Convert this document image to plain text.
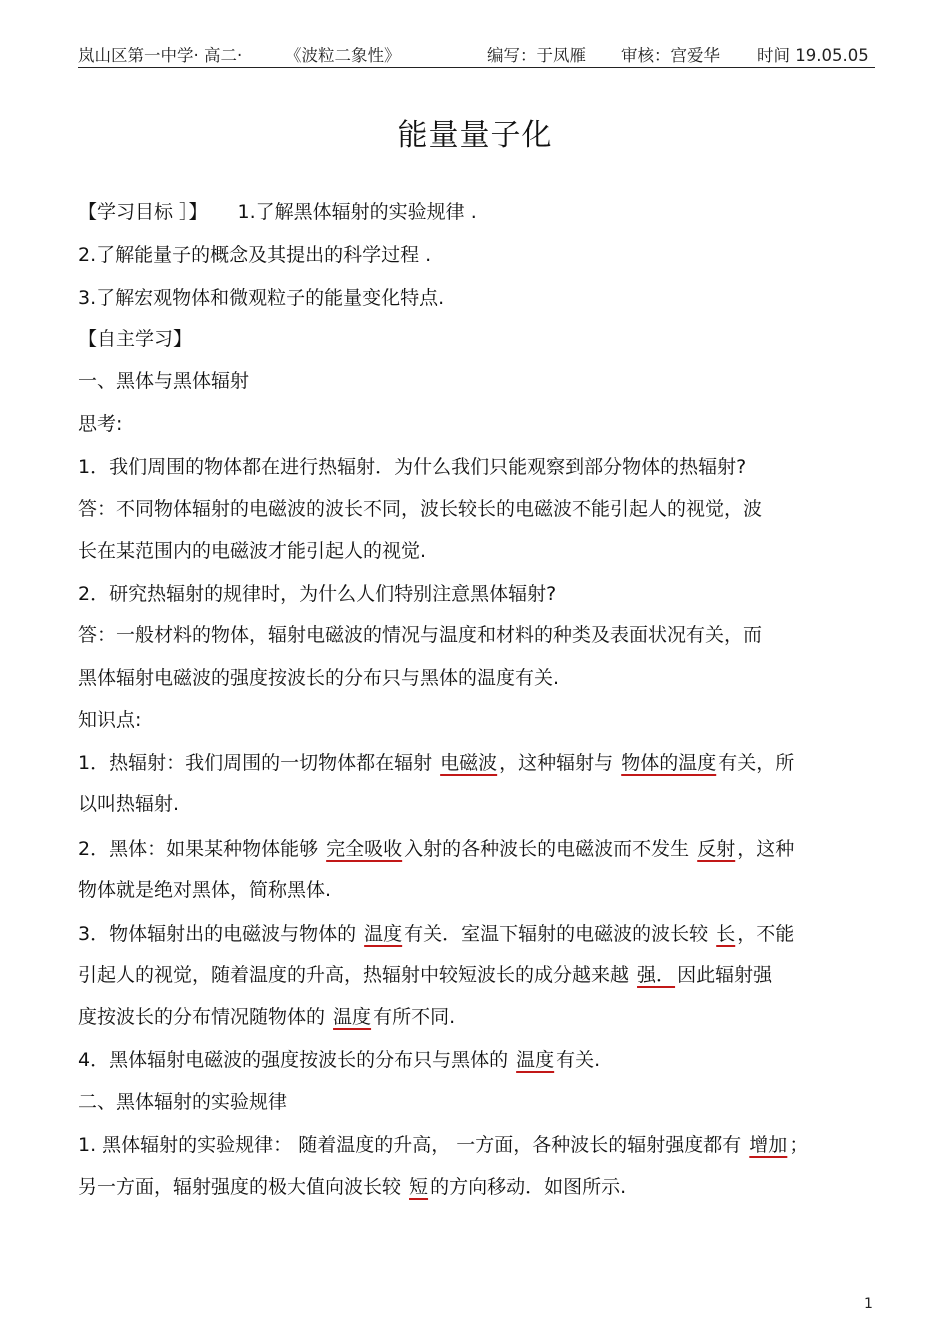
岚山区第一中学· 高二·	《波粒二象性》	编写：于凤雁 审核：宫爱华 时间 19.05.05
能量量子化
【学习目标 ］】 1.了解黑体辐射的实验规律 .
2.了解能量子的概念及其提出的科学过程 .
3.了解宏观物体和微观粒子的能量变化特点.
【自主学习】
一、黑体与黑体辐射
思考:
1．我们周围的物体都在进行热辐射．为什么我们只能观察到部分物体的热辐射?
答：不同物体辐射的电磁波的波长不同，波长较长的电磁波不能引起人的视觉，波
长在某范围内的电磁波才能引起人的视觉.
2．研究热辐射的规律时，为什么人们特别注意黑体辐射?
答：一般材料的物体，辐射电磁波的情况与温度和材料的种类及表面状况有关，而
黑体辐射电磁波的强度按波长的分布只与黑体的温度有关.
知识点:
1．热辐射：我们周围的一切物体都在辐射 电磁波 ，这种辐射与 物体的温度 有关，所
以叫热辐射.
2．黑体：如果某种物体能够 完全吸收 入射的各种波长的电磁波而不发生 反射 ，这种
物体就是绝对黑体，简称黑体.
3．物体辐射出的电磁波与物体的 温度 有关．室温下辐射的电磁波的波长较 长 ，不能
引起人的视觉，随着温度的升高，热辐射中较短波长的成分越来越 强． 因此辐射强
度按波长的分布情况随物体的 温度 有所不同.
4．黑体辐射电磁波的强度按波长的分布只与黑体的 温度 有关.
二、黑体辐射的实验规律
1. 黑体辐射的实验规律： 随着温度的升高， 一方面，各种波长的辐射强度都有 增加 ；
另一方面，辐射强度的极大值向波长较 短 的方向移动．如图所示.
1
